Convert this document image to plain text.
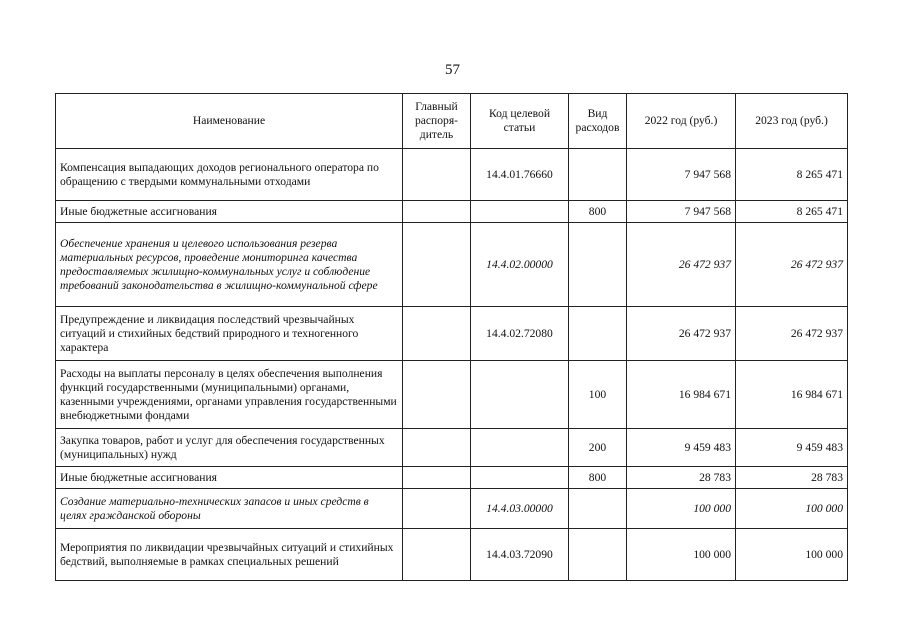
57
Наименование	Главный распоря-дитель	Код целевой статьи	Вид расходов	2022 год (руб.)	2023 год (руб.)
Компенсация выпадающих доходов регионального оператора по обращению с твердыми коммунальными отходами		14.4.01.76660		7 947 568	8 265 471
Иные бюджетные ассигнования			800	7 947 568	8 265 471
Обеспечение хранения и целевого использования резерва материальных ресурсов, проведение мониторинга качества предоставляемых жилищно-коммунальных услуг и соблюдение требований законодательства в жилищно-коммунальной сфере		14.4.02.00000		26 472 937	26 472 937
Предупреждение и ликвидация последствий чрезвычайных ситуаций и стихийных бедствий природного и техногенного характера		14.4.02.72080		26 472 937	26 472 937
Расходы на выплаты персоналу в целях обеспечения выполнения функций государственными (муниципальными) органами, казенными учреждениями, органами управления государственными внебюджетными фондами			100	16 984 671	16 984 671
Закупка товаров, работ и услуг для обеспечения государственных (муниципальных) нужд			200	9 459 483	9 459 483
Иные бюджетные ассигнования			800	28 783	28 783
Создание материально-технических запасов и иных средств в целях гражданской обороны		14.4.03.00000		100 000	100 000
Мероприятия по ликвидации чрезвычайных ситуаций и стихийных бедствий, выполняемые в рамках специальных решений		14.4.03.72090		100 000	100 000
